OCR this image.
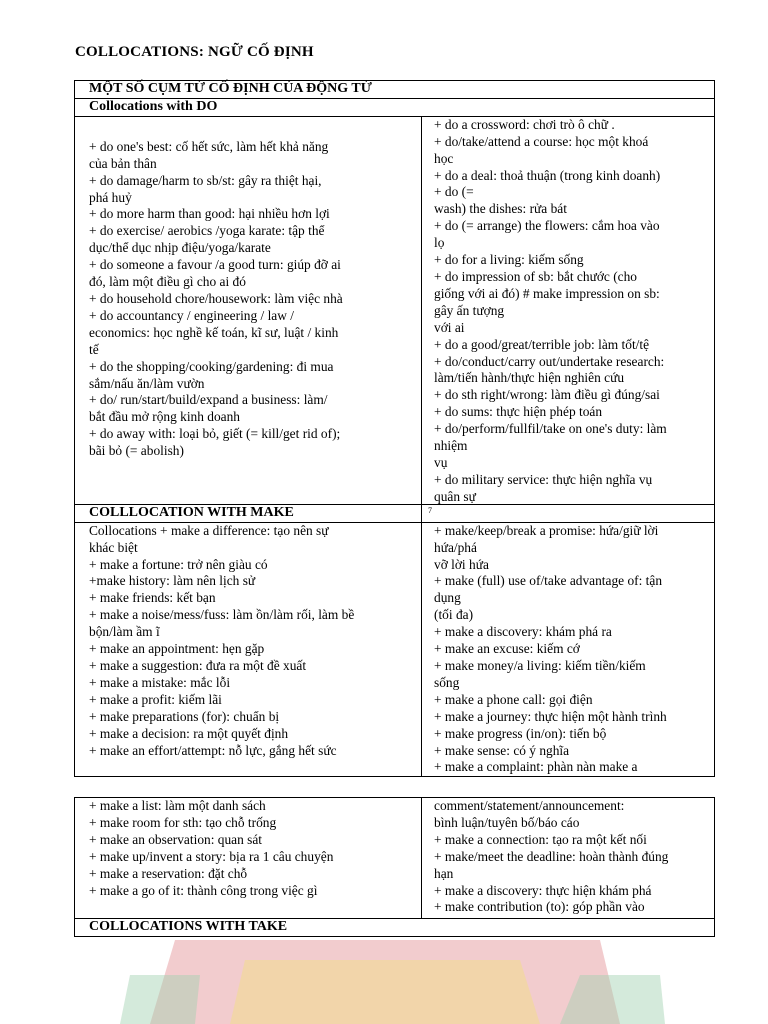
COLLOCATIONS: NGỮ CỐ ĐỊNH
MỘT SỐ CỤM TỪ CỐ ĐỊNH CỦA ĐỘNG TỪ
Collocations with DO
+ do one's best: cố hết sức, làm hết khả năng
của bản thân
+ do damage/harm to sb/st: gây ra thiệt hại,
phá huỷ
+ do more harm than good: hại nhiều hơn lợi
+ do exercise/ aerobics /yoga karate: tập thể
dục/thể dục nhịp điệu/yoga/karate
+ do someone a favour /a good turn: giúp đỡ ai
đó, làm một điều gì cho ai đó
+ do household chore/housework: làm việc nhà
+ do accountancy / engineering / law /
economics: học nghề kế toán, kĩ sư, luật / kinh
tế
+ do the shopping/cooking/gardening: đi mua
sắm/nấu ăn/làm vườn
+ do/ run/start/build/expand a business: làm/
bắt đầu mở rộng kinh doanh
+ do away with: loại bỏ, giết (= kill/get rid of);
bãi bỏ (= abolish)
+ do a crossword: chơi trò ô chữ .
+ do/take/attend a course: học một khoá
học
+ do a deal: thoả thuận (trong kinh doanh)
+ do (=
wash) the dishes: rửa bát
+ do (= arrange) the flowers: cắm hoa vào
lọ
+ do for a living: kiếm sống
+ do impression of sb: bắt chước (cho
giống với ai đó) # make impression on sb:
gây ấn tượng
với ai
+ do a good/great/terrible job: làm tốt/tệ
+ do/conduct/carry out/undertake research:
làm/tiến hành/thực hiện nghiên cứu
+ do sth right/wrong: làm điều gì đúng/sai
+ do sums: thực hiện phép toán
+ do/perform/fullfil/take on one's duty: làm
nhiệm
vụ
+ do military service: thực hiện nghĩa vụ
quân sự
COLLLOCATION WITH MAKE
Collocations + make a difference: tạo nên sự
khác biệt
+ make a fortune: trở nên giàu có
+make history: làm nên lịch sử
+ make friends: kết bạn
+ make a noise/mess/fuss: làm ồn/làm rối, làm bề
bộn/làm ầm ĩ
+ make an appointment: hẹn gặp
+ make a suggestion: đưa ra một đề xuất
+ make a mistake: mắc lỗi
+ make a profit: kiếm lãi
+ make preparations (for): chuẩn bị
+ make a decision: ra một quyết định
+ make an effort/attempt: nỗ lực, gắng hết sức
+ make/keep/break a promise: hứa/giữ lời
hứa/phá
vỡ lời hứa
+ make (full) use of/take advantage of: tận
dụng
(tối đa)
+ make a discovery: khám phá ra
+ make an excuse: kiếm cớ
+ make money/a living: kiếm tiền/kiếm
sống
+ make a phone call: gọi điện
+ make a journey: thực hiện một hành trình
+ make progress (in/on): tiến bộ
+ make sense: có ý nghĩa
+ make a complaint: phàn nàn make a
7
+ make a list: làm một danh sách
+ make room for sth: tạo chỗ trống
+ make an observation: quan sát
+ make up/invent a story: bịa ra 1 câu chuyện
+ make a reservation: đặt chỗ
+ make a go of it: thành công trong việc gì
comment/statement/announcement:
bình luận/tuyên bố/báo cáo
+ make a connection: tạo ra một kết nối
+ make/meet the deadline: hoàn thành đúng
hạn
+ make a discovery: thực hiện khám phá
+ make contribution (to): góp phần vào
COLLOCATIONS WITH TAKE
